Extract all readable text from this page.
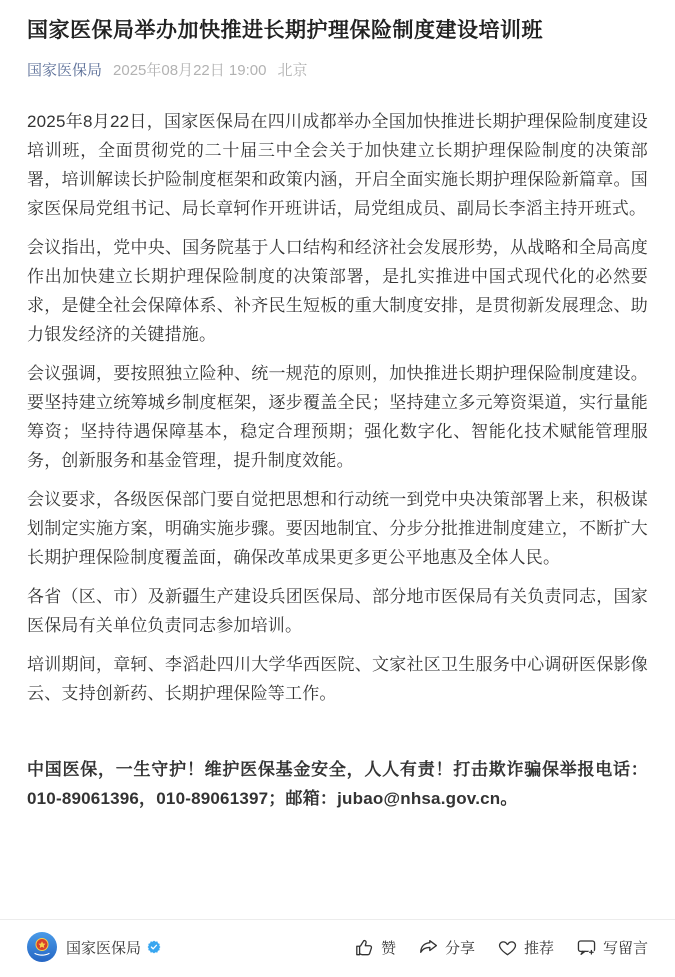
国家医保局举办加快推进长期护理保险制度建设培训班
国家医保局 2025年08月22日 19:00 北京

2025年8月22日，国家医保局在四川成都举办全国加快推进长期护理保险制度建设培训班，全面贯彻党的二十届三中全会关于加快建立长期护理保险制度的决策部署，培训解读长护险制度框架和政策内涵，开启全面实施长期护理保险新篇章。国家医保局党组书记、局长章轲作开班讲话，局党组成员、副局长李滔主持开班式。

会议指出，党中央、国务院基于人口结构和经济社会发展形势，从战略和全局高度作出加快建立长期护理保险制度的决策部署，是扎实推进中国式现代化的必然要求，是健全社会保障体系、补齐民生短板的重大制度安排，是贯彻新发展理念、助力银发经济的关键措施。

会议强调，要按照独立险种、统一规范的原则，加快推进长期护理保险制度建设。要坚持建立统筹城乡制度框架，逐步覆盖全民；坚持建立多元筹资渠道，实行量能筹资；坚持待遇保障基本，稳定合理预期；强化数字化、智能化技术赋能管理服务，创新服务和基金管理，提升制度效能。

会议要求，各级医保部门要自觉把思想和行动统一到党中央决策部署上来，积极谋划制定实施方案，明确实施步骤。要因地制宜、分步分批推进制度建立，不断扩大长期护理保险制度覆盖面，确保改革成果更多更公平地惠及全体人民。

各省（区、市）及新疆生产建设兵团医保局、部分地市医保局有关负责同志，国家医保局有关单位负责同志参加培训。

培训期间，章轲、李滔赴四川大学华西医院、文家社区卫生服务中心调研医保影像云、支持创新药、长期护理保险等工作。

中国医保，一生守护！维护医保基金安全，人人有责！打击欺诈骗保举报电话：010-89061396，010-89061397；邮箱：jubao@nhsa.gov.cn。

国家医保局	赞	分享	推荐	写留言
